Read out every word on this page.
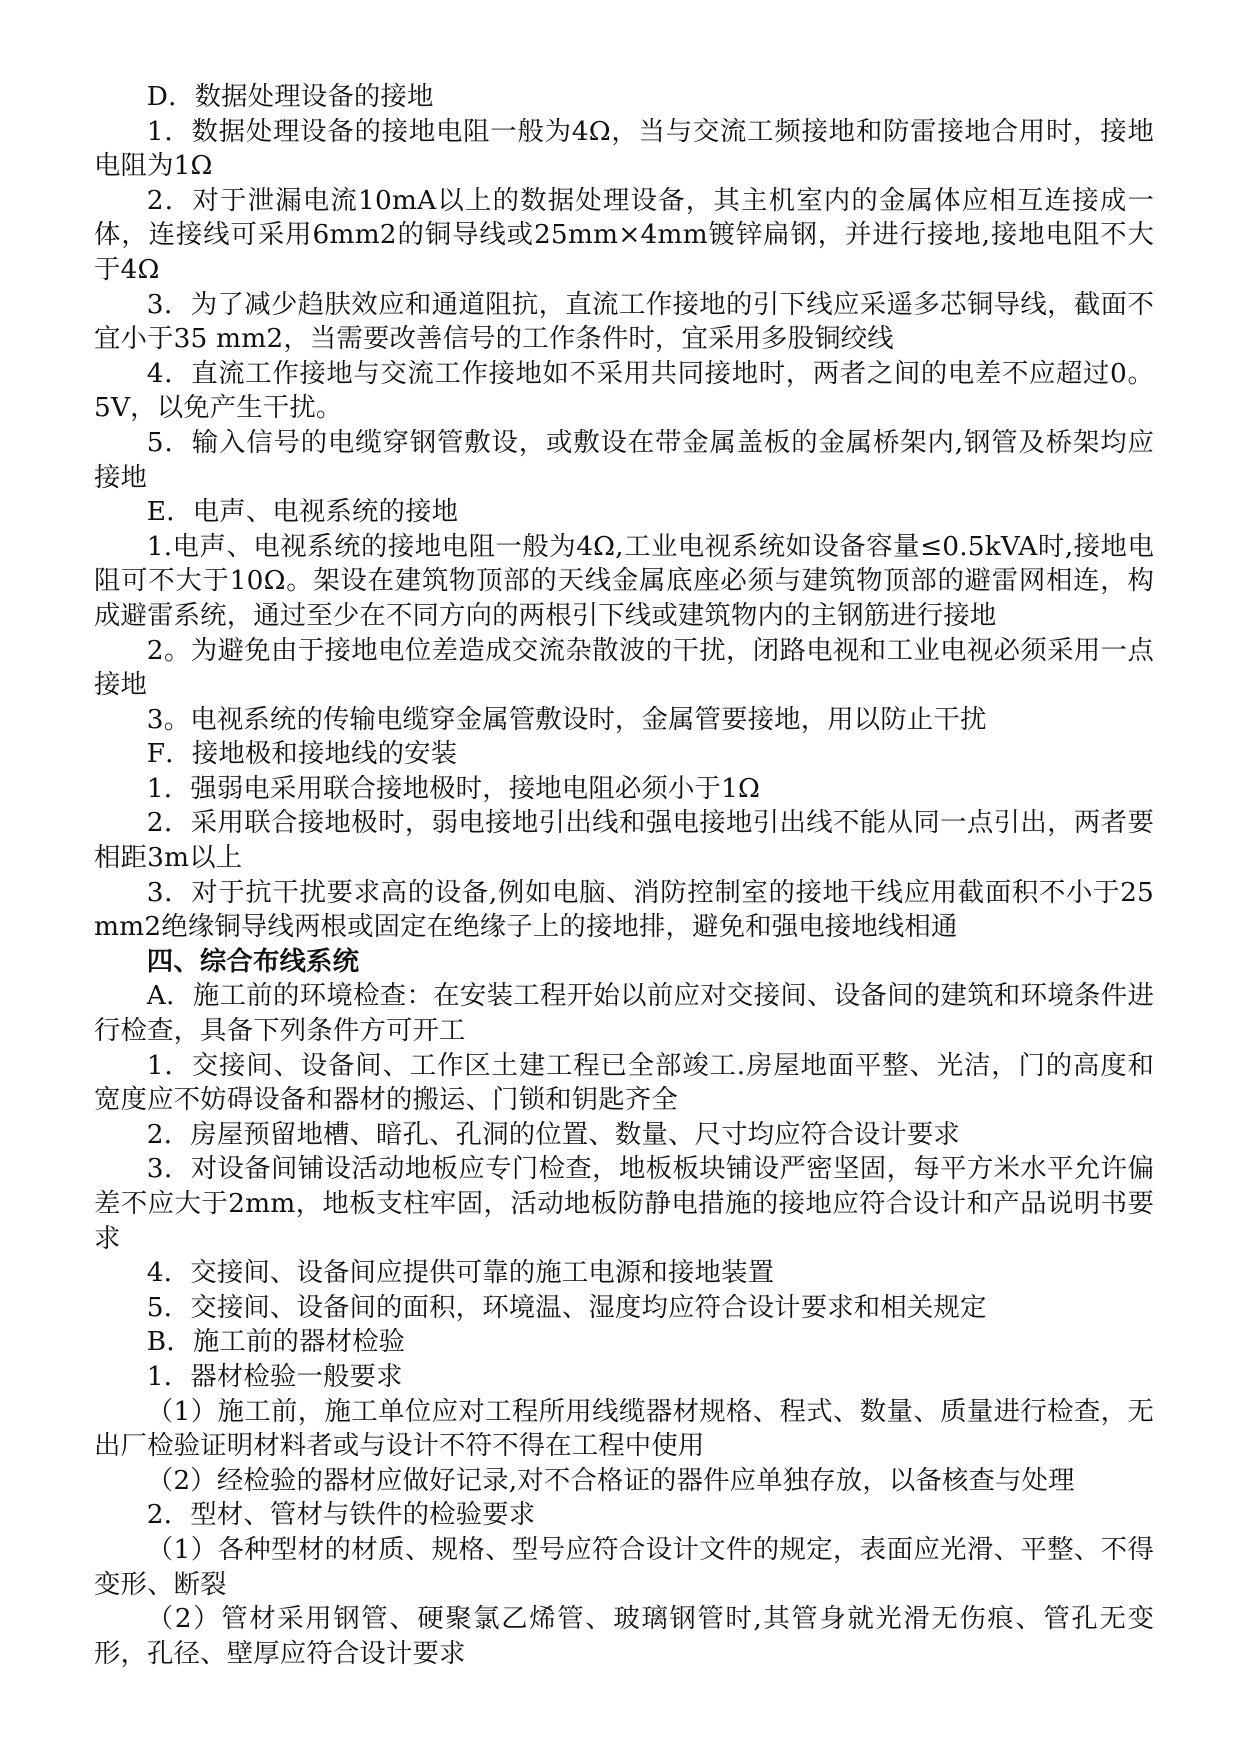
D．数据处理设备的接地

1．数据处理设备的接地电阻一般为4Ω，当与交流工频接地和防雷接地合用时，接地电阻为1Ω

2．对于泄漏电流10mA以上的数据处理设备，其主机室内的金属体应相互连接成一体，连接线可采用6mm2的铜导线或25mm×4mm镀锌扁钢，并进行接地,接地电阻不大于4Ω

3．为了减少趋肤效应和通道阻抗，直流工作接地的引下线应采遥多芯铜导线，截面不宜小于35 mm2，当需要改善信号的工作条件时，宜采用多股铜绞线

4．直流工作接地与交流工作接地如不采用共同接地时，两者之间的电差不应超过0。5V，以免产生干扰。

5．输入信号的电缆穿钢管敷设，或敷设在带金属盖板的金属桥架内,钢管及桥架均应接地

E．电声、电视系统的接地

1.电声、电视系统的接地电阻一般为4Ω,工业电视系统如设备容量≤0.5kVA时,接地电阻可不大于10Ω。架设在建筑物顶部的天线金属底座必须与建筑物顶部的避雷网相连，构成避雷系统，通过至少在不同方向的两根引下线或建筑物内的主钢筋进行接地

2。为避免由于接地电位差造成交流杂散波的干扰，闭路电视和工业电视必须采用一点接地

3。电视系统的传输电缆穿金属管敷设时，金属管要接地，用以防止干扰

F．接地极和接地线的安装

1．强弱电采用联合接地极时，接地电阻必须小于1Ω

2．采用联合接地极时，弱电接地引出线和强电接地引出线不能从同一点引出，两者要相距3m以上

3．对于抗干扰要求高的设备,例如电脑、消防控制室的接地干线应用截面积不小于25 mm2绝缘铜导线两根或固定在绝缘子上的接地排，避免和强电接地线相通

四、综合布线系统

A．施工前的环境检查：在安装工程开始以前应对交接间、设备间的建筑和环境条件进行检查，具备下列条件方可开工

1．交接间、设备间、工作区土建工程已全部竣工.房屋地面平整、光洁，门的高度和宽度应不妨碍设备和器材的搬运、门锁和钥匙齐全

2．房屋预留地槽、暗孔、孔洞的位置、数量、尺寸均应符合设计要求

3．对设备间铺设活动地板应专门检查，地板板块铺设严密坚固，每平方米水平允许偏差不应大于2mm，地板支柱牢固，活动地板防静电措施的接地应符合设计和产品说明书要求

4．交接间、设备间应提供可靠的施工电源和接地装置

5．交接间、设备间的面积，环境温、湿度均应符合设计要求和相关规定

B．施工前的器材检验

1．器材检验一般要求

（1）施工前，施工单位应对工程所用线缆器材规格、程式、数量、质量进行检查，无出厂检验证明材料者或与设计不符不得在工程中使用

（2）经检验的器材应做好记录,对不合格证的器件应单独存放，以备核查与处理

2．型材、管材与铁件的检验要求

（1）各种型材的材质、规格、型号应符合设计文件的规定，表面应光滑、平整、不得变形、断裂

（2）管材采用钢管、硬聚氯乙烯管、玻璃钢管时,其管身就光滑无伤痕、管孔无变形，孔径、壁厚应符合设计要求
